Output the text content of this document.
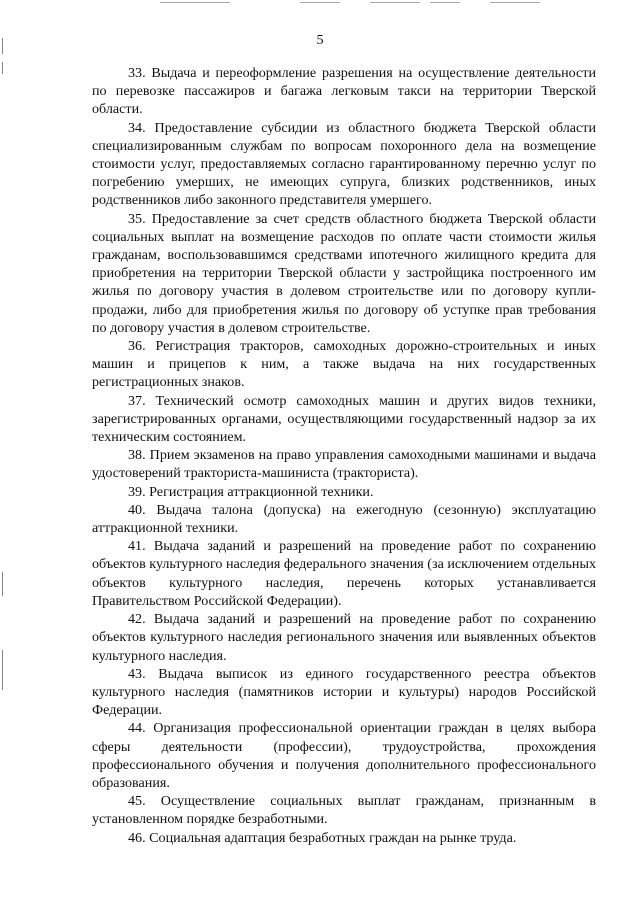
5

33. Выдача и переоформление разрешения на осуществление деятельности по перевозке пассажиров и багажа легковым такси на территории Тверской области.

34. Предоставление субсидии из областного бюджета Тверской области специализированным службам по вопросам похоронного дела на возмещение стоимости услуг, предоставляемых согласно гарантированному перечню услуг по погребению умерших, не имеющих супруга, близких родственников, иных родственников либо законного представителя умершего.

35. Предоставление за счет средств областного бюджета Тверской области социальных выплат на возмещение расходов по оплате части стоимости жилья гражданам, воспользовавшимся средствами ипотечного жилищного кредита для приобретения на территории Тверской области у застройщика построенного им жилья по договору участия в долевом строительстве или по договору купли-продажи, либо для приобретения жилья по договору об уступке прав требования по договору участия в долевом строительстве.

36. Регистрация тракторов, самоходных дорожно-строительных и иных машин и прицепов к ним, а также выдача на них государственных регистрационных знаков.

37. Технический осмотр самоходных машин и других видов техники, зарегистрированных органами, осуществляющими государственный надзор за их техническим состоянием.

38. Прием экзаменов на право управления самоходными машинами и выдача удостоверений тракториста-машиниста (тракториста).

39. Регистрация аттракционной техники.

40. Выдача талона (допуска) на ежегодную (сезонную) эксплуатацию аттракционной техники.

41. Выдача заданий и разрешений на проведение работ по сохранению объектов культурного наследия федерального значения (за исключением отдельных объектов культурного наследия, перечень которых устанавливается Правительством Российской Федерации).

42. Выдача заданий и разрешений на проведение работ по сохранению объектов культурного наследия регионального значения или выявленных объектов культурного наследия.

43. Выдача выписок из единого государственного реестра объектов культурного наследия (памятников истории и культуры) народов Российской Федерации.

44. Организация профессиональной ориентации граждан в целях выбора сферы деятельности (профессии), трудоустройства, прохождения профессионального обучения и получения дополнительного профессионального образования.

45. Осуществление социальных выплат гражданам, признанным в установленном порядке безработными.

46. Социальная адаптация безработных граждан на рынке труда.
